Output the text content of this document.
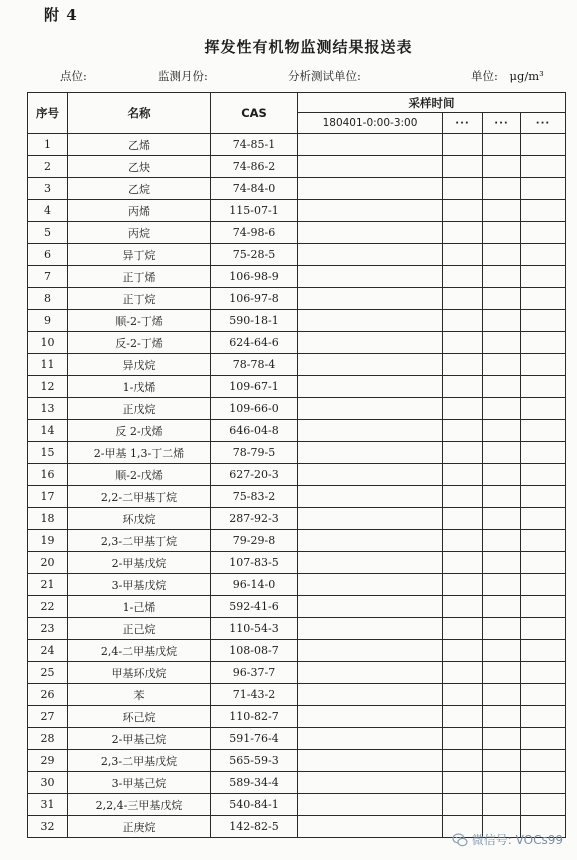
附 4
挥发性有机物监测结果报送表
点位:	监测月份:	分析测试单位:	单位: μg/m³
序号	名称	CAS	采样时间			
			180401-0:00-3:00	···	···	···
1	乙烯	74-85-1				
2	乙炔	74-86-2				
3	乙烷	74-84-0				
4	丙烯	115-07-1				
5	丙烷	74-98-6				
6	异丁烷	75-28-5				
7	正丁烯	106-98-9				
8	正丁烷	106-97-8				
9	顺-2-丁烯	590-18-1				
10	反-2-丁烯	624-64-6				
11	异戊烷	78-78-4				
12	1-戊烯	109-67-1				
13	正戊烷	109-66-0				
14	反 2-戊烯	646-04-8				
15	2-甲基 1,3-丁二烯	78-79-5				
16	顺-2-戊烯	627-20-3				
17	2,2-二甲基丁烷	75-83-2				
18	环戊烷	287-92-3				
19	2,3-二甲基丁烷	79-29-8				
20	2-甲基戊烷	107-83-5				
21	3-甲基戊烷	96-14-0				
22	1-己烯	592-41-6				
23	正己烷	110-54-3				
24	2,4-二甲基戊烷	108-08-7				
25	甲基环戊烷	96-37-7				
26	苯	71-43-2				
27	环己烷	110-82-7				
28	2-甲基己烷	591-76-4				
29	2,3-二甲基戊烷	565-59-3				
30	3-甲基己烷	589-34-4				
31	2,2,4-三甲基戊烷	540-84-1				
32	正庚烷	142-82-5				
微信号: VOCs99
